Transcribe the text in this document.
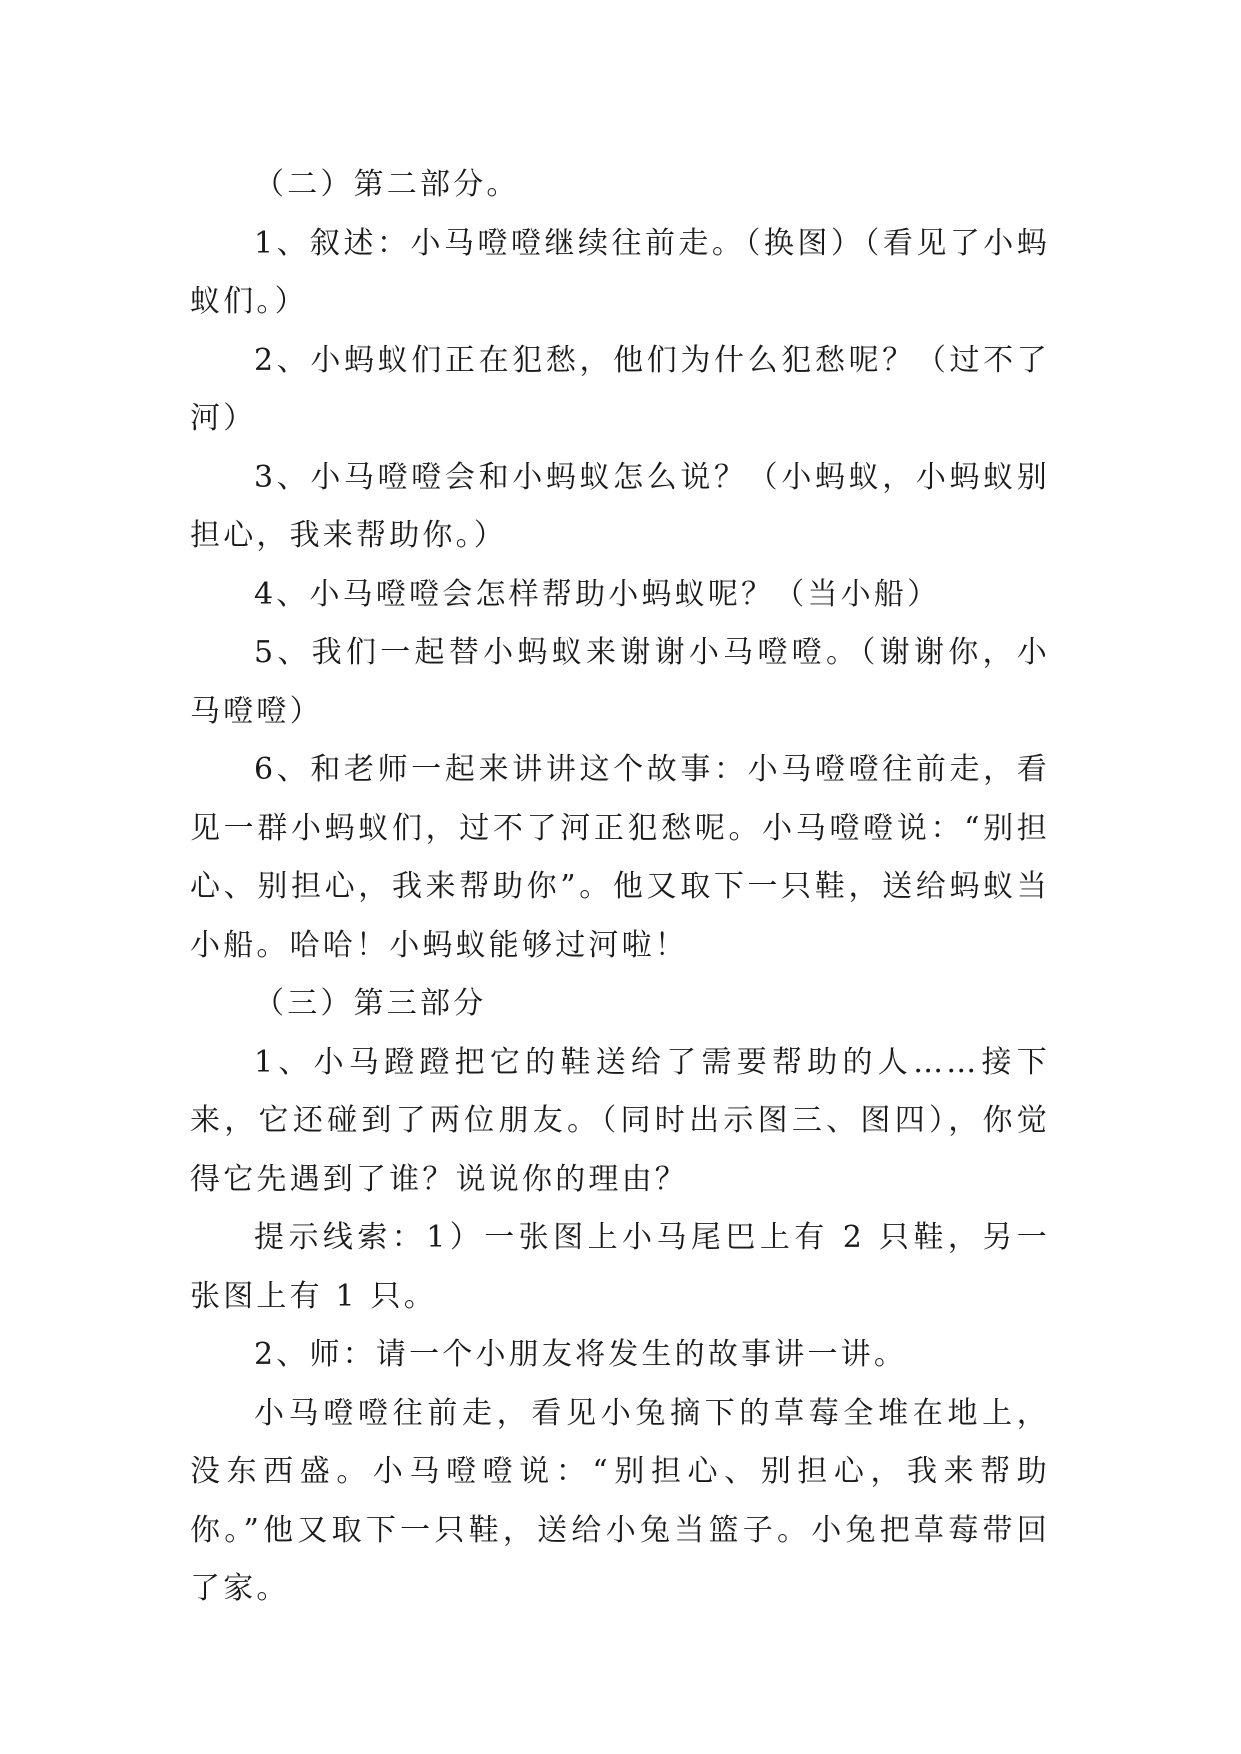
（二）第二部分。

1、叙述：小马噔噔继续往前走。（换图）（看见了小蚂蚁们。）

2、小蚂蚁们正在犯愁，他们为什么犯愁呢？（过不了河）

3、小马噔噔会和小蚂蚁怎么说？（小蚂蚁，小蚂蚁别担心，我来帮助你。）

4、小马噔噔会怎样帮助小蚂蚁呢？（当小船）

5、我们一起替小蚂蚁来谢谢小马噔噔。（谢谢你，小马噔噔）

6、和老师一起来讲讲这个故事：小马噔噔往前走，看见一群小蚂蚁们，过不了河正犯愁呢。小马噔噔说：“别担心、别担心，我来帮助你”。他又取下一只鞋，送给蚂蚁当小船。哈哈！小蚂蚁能够过河啦！

（三）第三部分

1、小马蹬蹬把它的鞋送给了需要帮助的人……接下来，它还碰到了两位朋友。（同时出示图三、图四），你觉得它先遇到了谁？说说你的理由？

提示线索：1）一张图上小马尾巴上有 2 只鞋，另一张图上有 1 只。

2、师：请一个小朋友将发生的故事讲一讲。

小马噔噔往前走，看见小兔摘下的草莓全堆在地上，没东西盛。小马噔噔说：“别担心、别担心，我来帮助你。”他又取下一只鞋，送给小兔当篮子。小兔把草莓带回了家。
